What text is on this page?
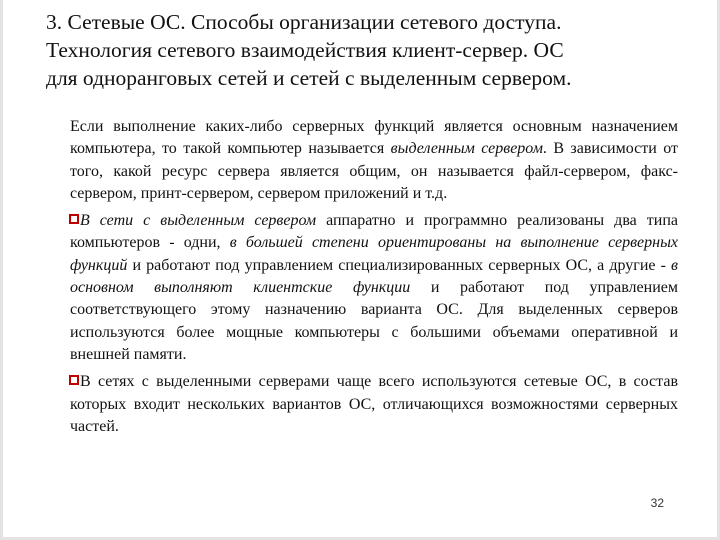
3. Сетевые ОС. Способы организации сетевого доступа.
Технология сетевого взаимодействия клиент-сервер. ОС
для одноранговых сетей и сетей с выделенным сервером.

Если выполнение каких-либо серверных функций является основным назначением компьютера, то такой компьютер называется выделенным сервером. В зависимости от того, какой ресурс сервера является общим, он называется файл-сервером, факс-сервером, принт-сервером, сервером приложений и т.д.

В сети с выделенным сервером аппаратно и программно реализованы два типа компьютеров - одни, в большей степени ориентированы на выполнение серверных функций и работают под управлением специализированных серверных ОС, а другие - в основном выполняют клиентские функции и работают под управлением соответствующего этому назначению варианта ОС. Для выделенных серверов используются более мощные компьютеры с большими объемами оперативной и внешней памяти.

В сетях с выделенными серверами чаще всего используются сетевые ОС, в состав которых входит нескольких вариантов ОС, отличающихся возможностями серверных частей.

32
